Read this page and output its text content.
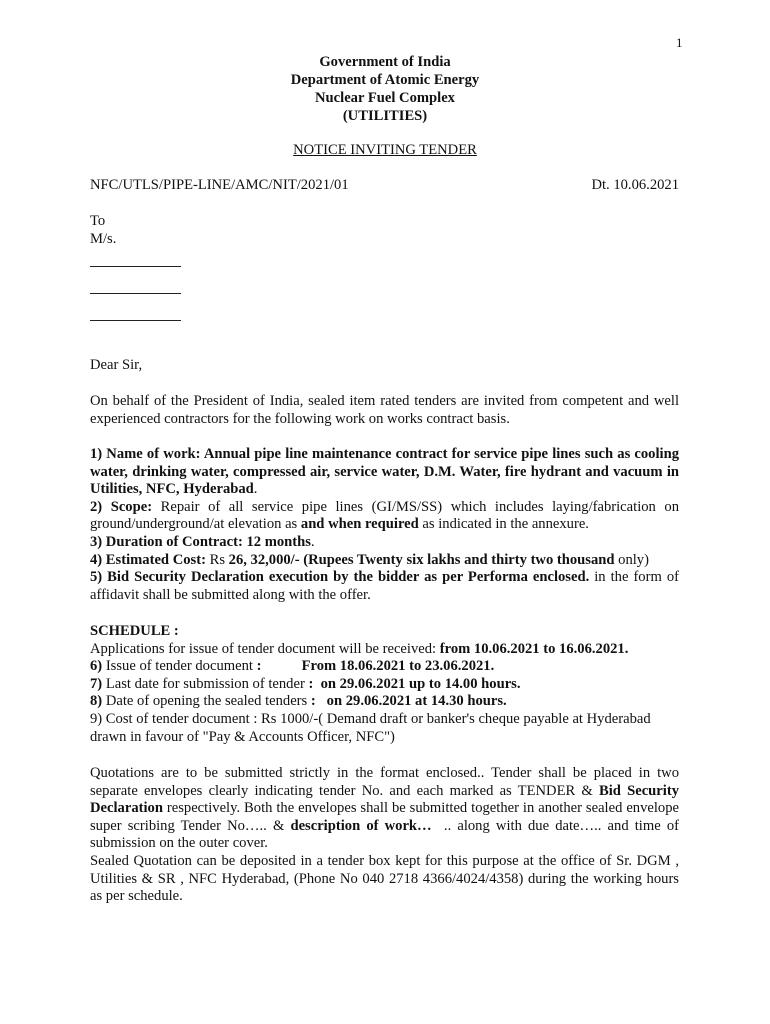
1
Government of India
Department of Atomic Energy
Nuclear Fuel Complex
(UTILITIES)
NOTICE INVITING TENDER
NFC/UTLS/PIPE-LINE/AMC/NIT/2021/01	Dt. 10.06.2021
To
M/s.
Dear Sir,

On behalf of the President of India, sealed item rated tenders are invited from competent and well experienced contractors for the following work on works contract basis.

1) Name of work: Annual pipe line maintenance contract for service pipe lines such as cooling water, drinking water, compressed air, service water, D.M. Water, fire hydrant and vacuum in Utilities, NFC, Hyderabad.

2) Scope: Repair of all service pipe lines (GI/MS/SS) which includes laying/fabrication on ground/underground/at elevation as and when required as indicated in the annexure.

3) Duration of Contract: 12 months.

4) Estimated Cost: Rs 26, 32,000/- (Rupees Twenty six lakhs and thirty two thousand only)

5) Bid Security Declaration execution by the bidder as per Performa enclosed. in the form of affidavit shall be submitted along with the offer.

SCHEDULE :

Applications for issue of tender document will be received: from 10.06.2021 to 16.06.2021.

6) Issue of tender document :           From 18.06.2021 to 23.06.2021.

7) Last date for submission of tender :  on 29.06.2021 up to 14.00 hours.

8) Date of opening the sealed tenders :   on 29.06.2021 at 14.30 hours.

9) Cost of tender document : Rs 1000/-( Demand draft or banker's cheque payable at Hyderabad drawn in favour of "Pay & Accounts Officer, NFC")

Quotations are to be submitted strictly in the format enclosed.. Tender shall be placed in two separate envelopes clearly indicating tender No. and each marked as TENDER & Bid Security Declaration respectively. Both the envelopes shall be submitted together in another sealed envelope super scribing Tender No….. & description of work…  .. along with due date….. and time of submission on the outer cover.

Sealed Quotation can be deposited in a tender box kept for this purpose at the office of Sr. DGM , Utilities & SR , NFC Hyderabad, (Phone No 040 2718 4366/4024/4358) during the working hours as per schedule.
